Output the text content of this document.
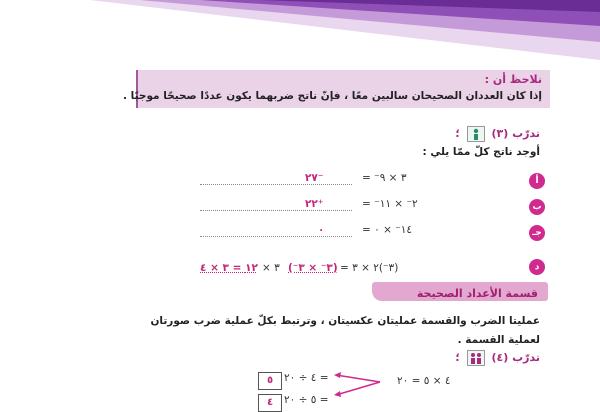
نلاحظ أن :
إذا كان العددان الصحيحان سالبين معًا ، فإنّ ناتج ضربهما يكون عددًا صحيحًا موجبًا .
تدرّب (٣)  ؛
أوجد ناتج كلّ ممّا يلي :
٢٧⁻	٣ × ٩⁻ =	أ
٢٢⁺	٢⁻ × ١١⁻ =	ب
٠	١٤⁻ × ٠ =	جـ
١٢ = ٣ × ٤ ٣ × (٣⁻ × ٣⁻) (٣⁻)٢ × ٣ =	د
قسمة الأعداد الصحيحة
عمليتا الضرب والقسمة عمليتان عكسيتان ، وترتبط بكلّ عملية ضرب صورتان لعملية القسمة .
تدرّب (٤)  ؛
٥	= ٤ ÷ ٢٠
٤	= ٥ ÷ ٢٠
٤ × ٥ = ٢٠
